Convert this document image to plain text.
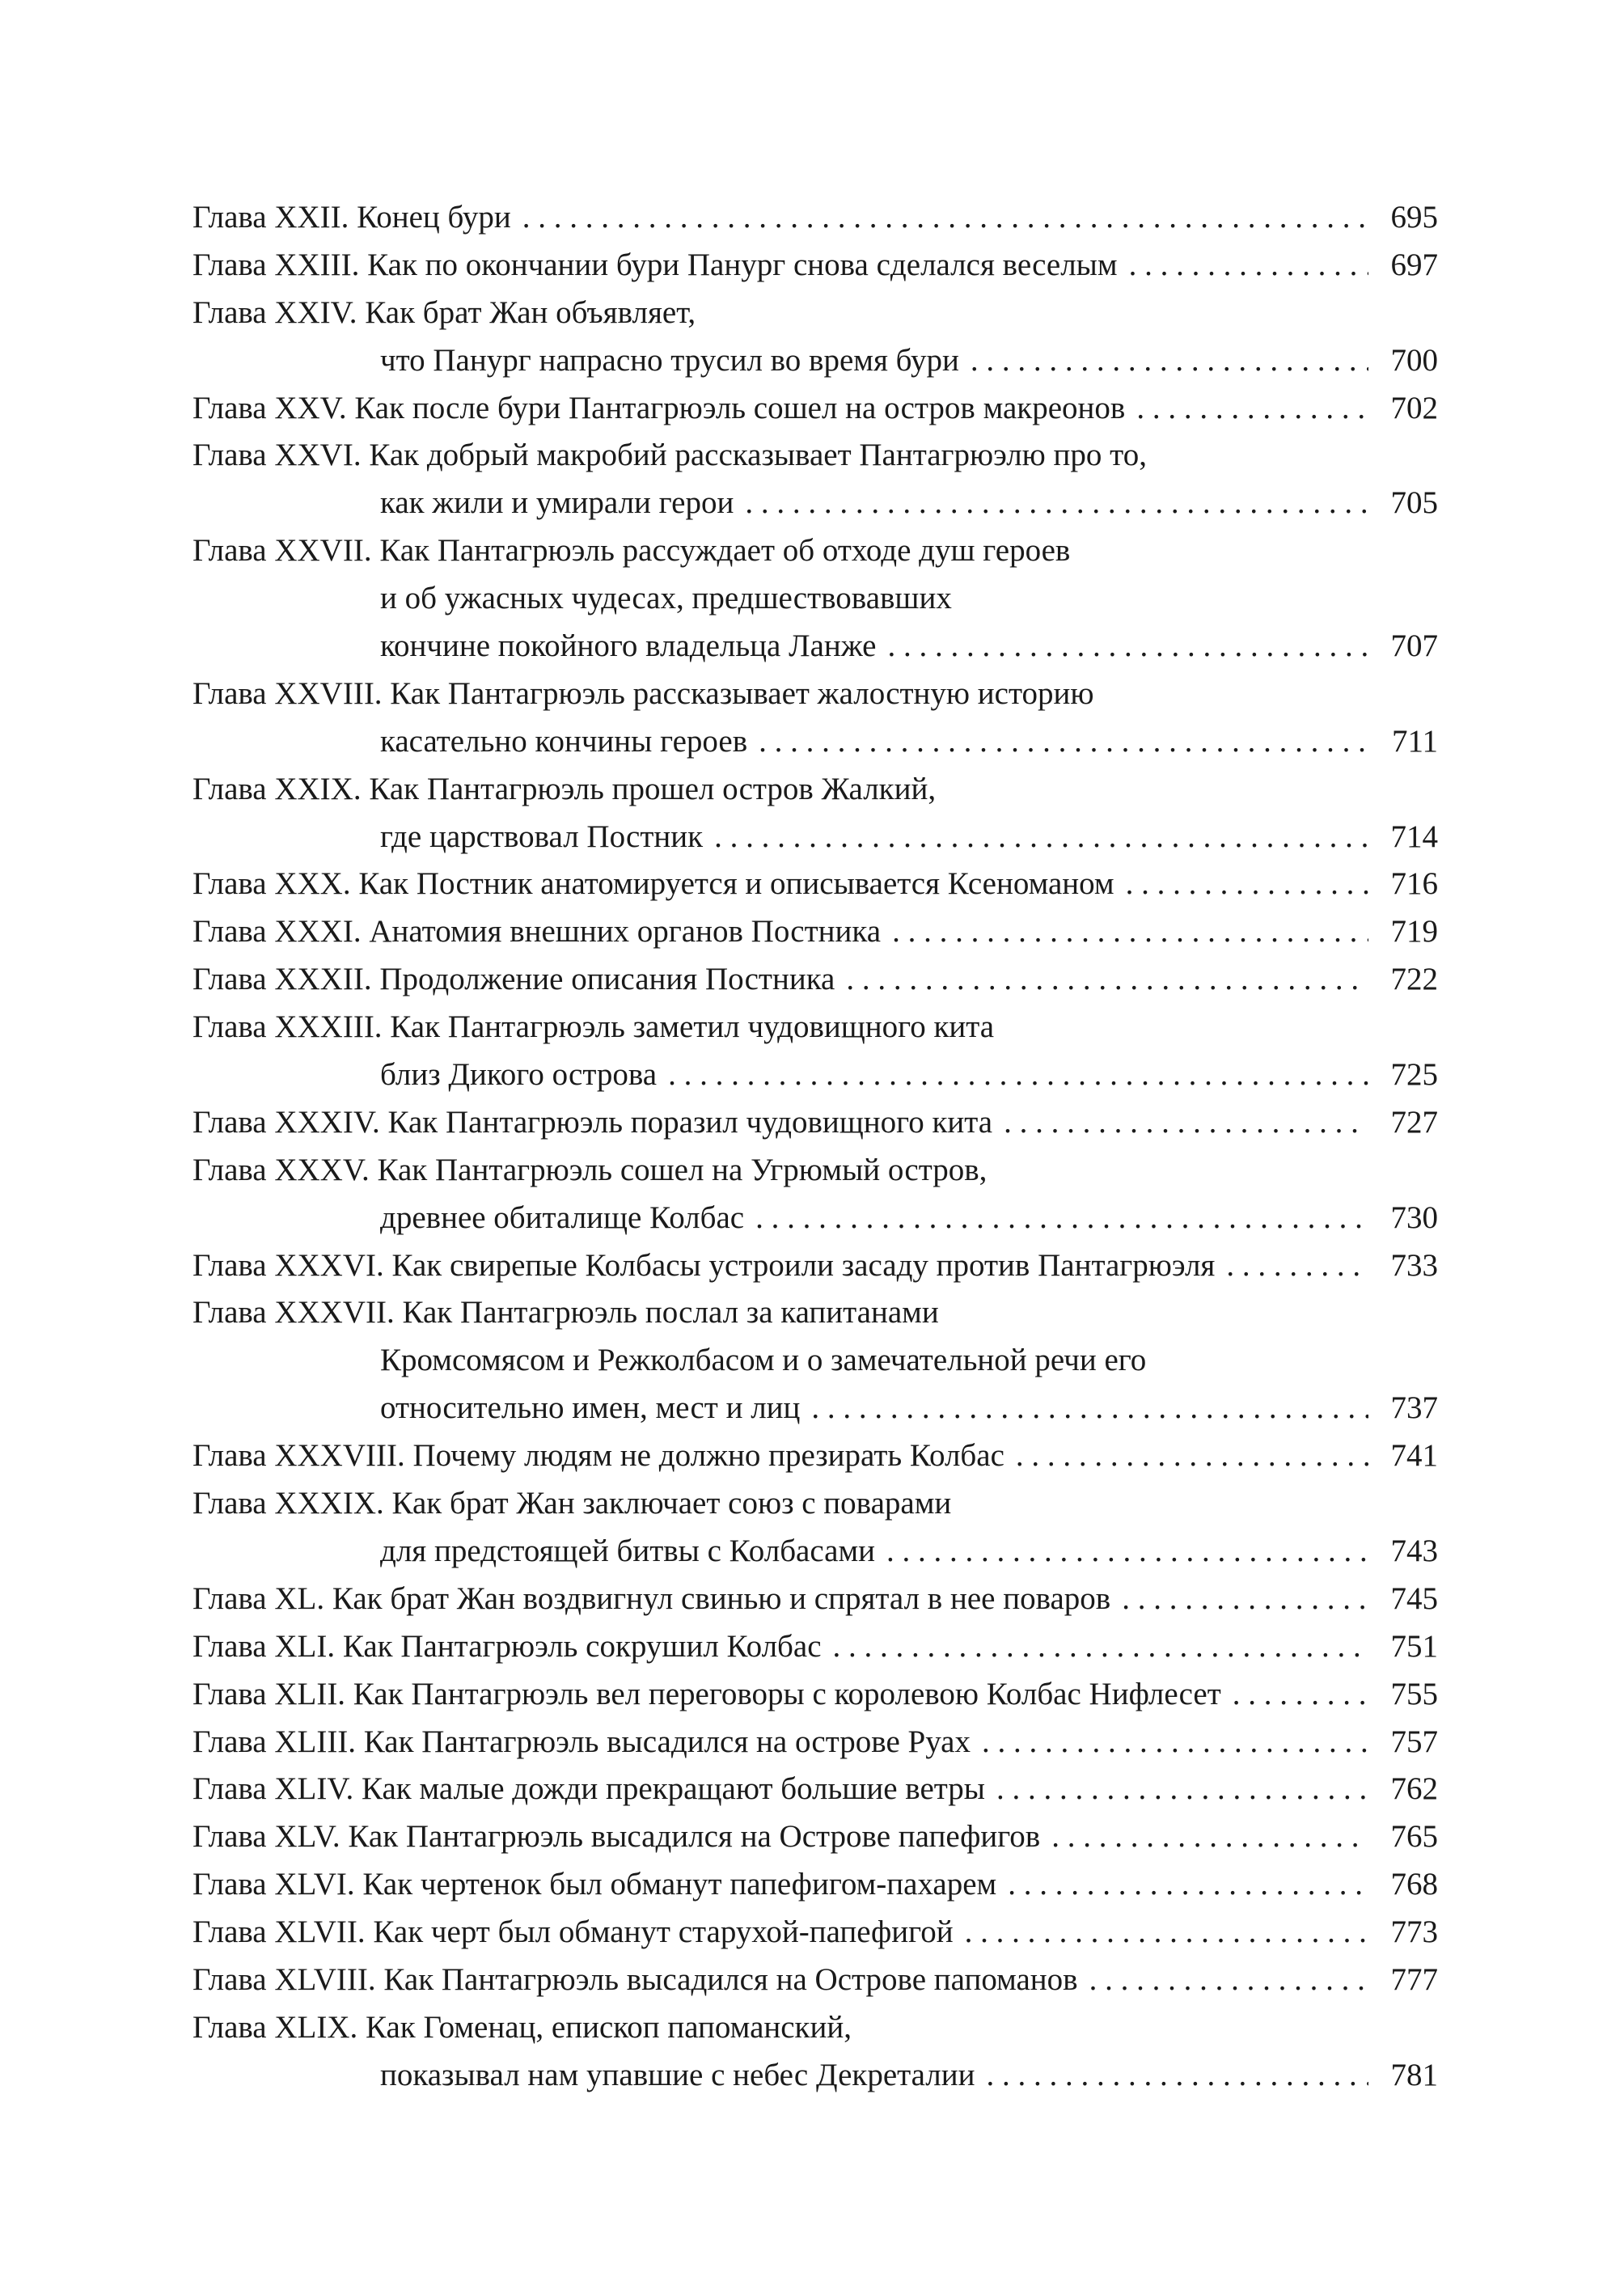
Глава XXII. Конец бури . . .	695
Глава XXIII. Как по окончании бури Панург снова сделался веселым . . .	697
Глава XXIV. Как брат Жан объявляет,
что Панург напрасно трусил во время бури . . .	700
Глава XXV. Как после бури Пантагрюэль сошел на остров макреонов . . .	702
Глава XXVI. Как добрый макробий рассказывает Пантагрюэлю про то,
как жили и умирали герои . . .	705
Глава XXVII. Как Пантагрюэль рассуждает об отходе душ героев
и об ужасных чудесах, предшествовавших
кончине покойного владельца Ланже . . .	707
Глава XXVIII. Как Пантагрюэль рассказывает жалостную историю
касательно кончины героев . . .	711
Глава XXIX. Как Пантагрюэль прошел остров Жалкий,
где царствовал Постник . . .	714
Глава XXX. Как Постник анатомируется и описывается Ксеноманом . . .	716
Глава XXXI. Анатомия внешних органов Постника . . .	719
Глава XXXII. Продолжение описания Постника . . .	722
Глава XXXIII. Как Пантагрюэль заметил чудовищного кита
близ Дикого острова . . .	725
Глава XXXIV. Как Пантагрюэль поразил чудовищного кита . . .	727
Глава XXXV. Как Пантагрюэль сошел на Угрюмый остров,
древнее обиталище Колбас . . .	730
Глава XXXVI. Как свирепые Колбасы устроили засаду против Пантагрюэля . . .	733
Глава XXXVII. Как Пантагрюэль послал за капитанами
Кромсомясом и Режколбасом и о замечательной речи его
относительно имен, мест и лиц . . .	737
Глава XXXVIII. Почему людям не должно презирать Колбас . . .	741
Глава XXXIX. Как брат Жан заключает союз с поварами
для предстоящей битвы с Колбасами . . .	743
Глава XL. Как брат Жан воздвигнул свинью и спрятал в нее поваров . . .	745
Глава XLI. Как Пантагрюэль сокрушил Колбас . . .	751
Глава XLII. Как Пантагрюэль вел переговоры с королевою Колбас Нифлесет . . .	755
Глава XLIII. Как Пантагрюэль высадился на острове Руах . . .	757
Глава XLIV. Как малые дожди прекращают большие ветры . . .	762
Глава XLV. Как Пантагрюэль высадился на Острове папефигов . . .	765
Глава XLVI. Как чертенок был обманут папефигом-пахарем . . .	768
Глава XLVII. Как черт был обманут старухой-папефигой . . .	773
Глава XLVIII. Как Пантагрюэль высадился на Острове папоманов . . .	777
Глава XLIX. Как Гоменац, епископ папоманский,
показывал нам упавшие с небес Декреталии . . .	781
